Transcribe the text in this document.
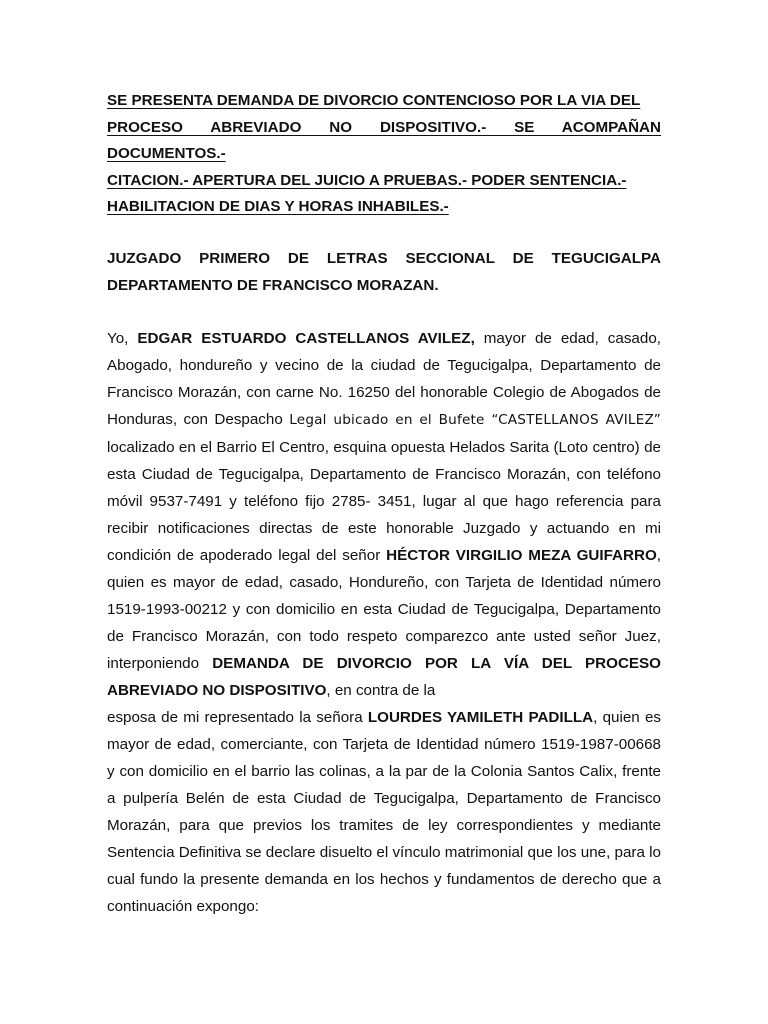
SE PRESENTA DEMANDA DE DIVORCIO CONTENCIOSO POR LA VIA DEL
PROCESO ABREVIADO NO DISPOSITIVO.- SE ACOMPAÑAN DOCUMENTOS.-
CITACION.- APERTURA DEL JUICIO A PRUEBAS.- PODER SENTENCIA.-
HABILITACION DE DIAS Y HORAS INHABILES.-

JUZGADO PRIMERO DE LETRAS SECCIONAL DE TEGUCIGALPA
DEPARTAMENTO DE FRANCISCO MORAZAN.

Yo, EDGAR ESTUARDO CASTELLANOS AVILEZ, mayor de edad, casado, Abogado, hondureño y vecino de la ciudad de Tegucigalpa, Departamento de Francisco Morazán, con carne No. 16250 del honorable Colegio de Abogados de Honduras, con Despacho Legal ubicado en el Bufete “CASTELLANOS AVILEZ” localizado en el Barrio El Centro, esquina opuesta Helados Sarita (Loto centro) de esta Ciudad de Tegucigalpa, Departamento de Francisco Morazán, con teléfono móvil 9537-7491 y teléfono fijo 2785- 3451, lugar al que hago referencia para recibir notificaciones directas de este honorable Juzgado y actuando en mi condición de apoderado legal del señor HÉCTOR VIRGILIO MEZA GUIFARRO, quien es mayor de edad, casado, Hondureño, con Tarjeta de Identidad número 1519-1993-00212 y con domicilio en esta Ciudad de Tegucigalpa, Departamento de Francisco Morazán, con todo respeto comparezco ante usted señor Juez, interponiendo DEMANDA DE DIVORCIO POR LA VÍA DEL PROCESO ABREVIADO NO DISPOSITIVO, en contra de la

esposa de mi representado la señora LOURDES YAMILETH PADILLA, quien es mayor de edad, comerciante, con Tarjeta de Identidad número 1519-1987-00668 y con domicilio en el barrio las colinas, a la par de la Colonia Santos Calix, frente a pulpería Belén de esta Ciudad de Tegucigalpa, Departamento de Francisco Morazán, para que previos los tramites de ley correspondientes y mediante Sentencia Definitiva se declare disuelto el vínculo matrimonial que los une, para lo cual fundo la presente demanda en los hechos y fundamentos de derecho que a continuación expongo:
